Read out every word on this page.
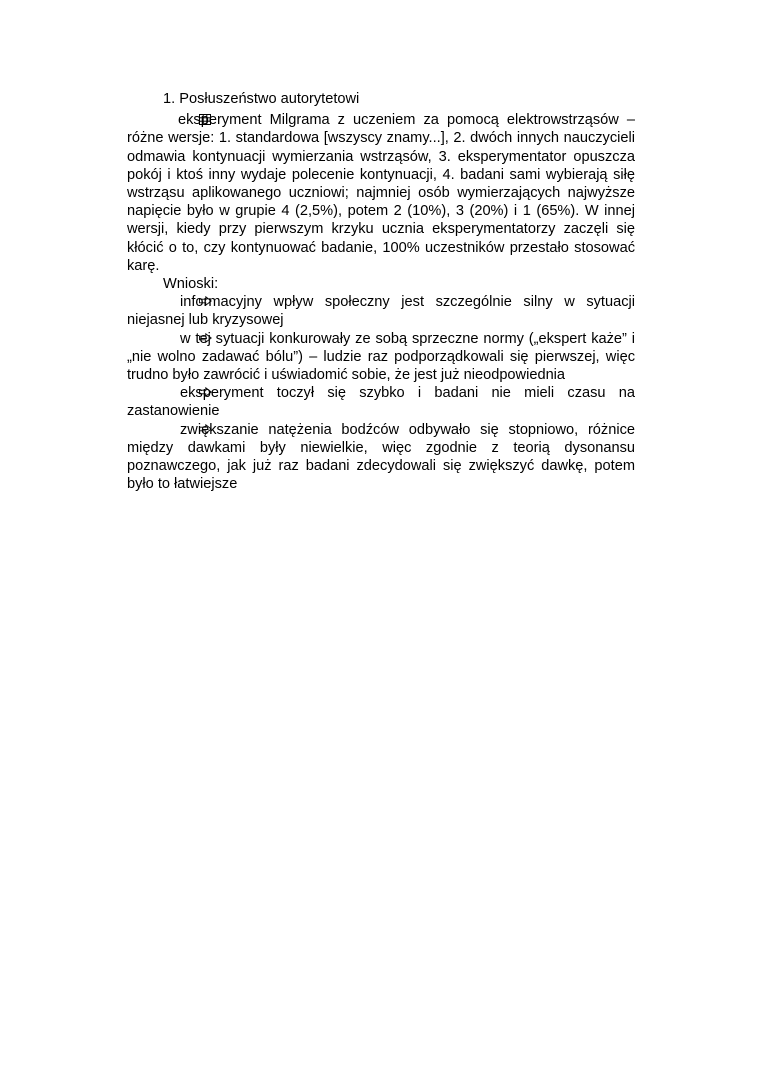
1. Posłuszeństwo autorytetowi

eksperyment Milgrama z uczeniem za pomocą elektrowstrząsów – różne wersje: 1. standardowa [wszyscy znamy...], 2. dwóch innych nauczycieli odmawia kontynuacji wymierzania wstrząsów, 3. eksperymentator opuszcza pokój i ktoś inny wydaje polecenie kontynuacji, 4. badani sami wybierają siłę wstrząsu aplikowanego uczniowi; najmniej osób wymierzających najwyższe napięcie było w grupie 4 (2,5%), potem 2 (10%), 3 (20%) i 1 (65%). W innej wersji, kiedy przy pierwszym krzyku ucznia eksperymentatorzy zaczęli się kłócić o to, czy kontynuować badanie, 100% uczestników przestało stosować karę.

Wnioski:

informacyjny wpływ społeczny jest szczególnie silny w sytuacji niejasnej lub kryzysowej

w tej sytuacji konkurowały ze sobą sprzeczne normy („ekspert każe” i „nie wolno zadawać bólu”) – ludzie raz podporządkowali się pierwszej, więc trudno było zawrócić i uświadomić sobie, że jest już nieodpowiednia

eksperyment toczył się szybko i badani nie mieli czasu na zastanowienie

zwiększanie natężenia bodźców odbywało się stopniowo, różnice między dawkami były niewielkie, więc zgodnie z teorią dysonansu poznawczego, jak już raz badani zdecydowali się zwiększyć dawkę, potem było to łatwiejsze
